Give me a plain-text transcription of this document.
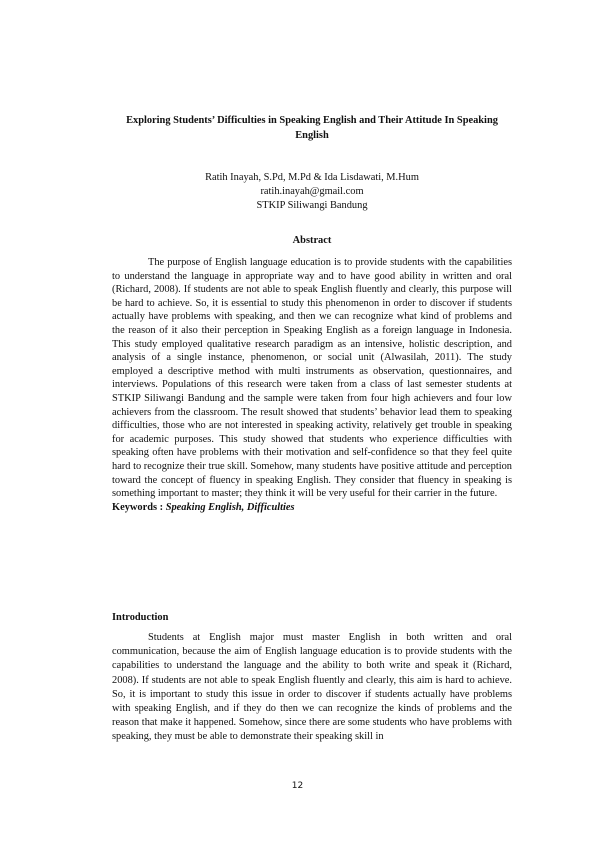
Exploring Students’ Difficulties in Speaking English and Their Attitude In Speaking English
Ratih Inayah, S.Pd, M.Pd & Ida Lisdawati, M.Hum
ratih.inayah@gmail.com
STKIP Siliwangi Bandung
Abstract

The purpose of English language education is to provide students with the capabilities to understand the language in appropriate way and to have good ability in written and oral (Richard, 2008). If students are not able to speak English fluently and clearly, this purpose will be hard to achieve. So, it is essential to study this phenomenon in order to discover if students actually have problems with speaking, and then we can recognize what kind of problems and the reason of it also their perception in Speaking English as a foreign language in Indonesia. This study employed qualitative research paradigm as an intensive, holistic description, and analysis of a single instance, phenomenon, or social unit (Alwasilah, 2011). The study employed a descriptive method with multi instruments as observation, questionnaires, and interviews. Populations of this research were taken from a class of last semester students at STKIP Siliwangi Bandung and the sample were taken from four high achievers and four low achievers from the classroom. The result showed that students’ behavior lead them to speaking difficulties, those who are not interested in speaking activity, relatively get trouble in speaking for academic purposes. This study showed that students who experience difficulties with speaking often have problems with their motivation and self-confidence so that they feel quite hard to recognize their true skill. Somehow, many students have positive attitude and perception toward the concept of fluency in speaking English. They consider that fluency in speaking is something important to master; they think it will be very useful for their carrier in the future.

Keywords : Speaking English, Difficulties

Introduction

Students at English major must master English in both written and oral communication, because the aim of English language education is to provide students with the capabilities to understand the language and the ability to both write and speak it (Richard, 2008). If students are not able to speak English fluently and clearly, this aim is hard to achieve. So, it is important to study this issue in order to discover if students actually have problems with speaking English, and if they do then we can recognize the kinds of problems and the reason that make it happened. Somehow, since there are some students who have problems with speaking, they must be able to demonstrate their speaking skill in

12
